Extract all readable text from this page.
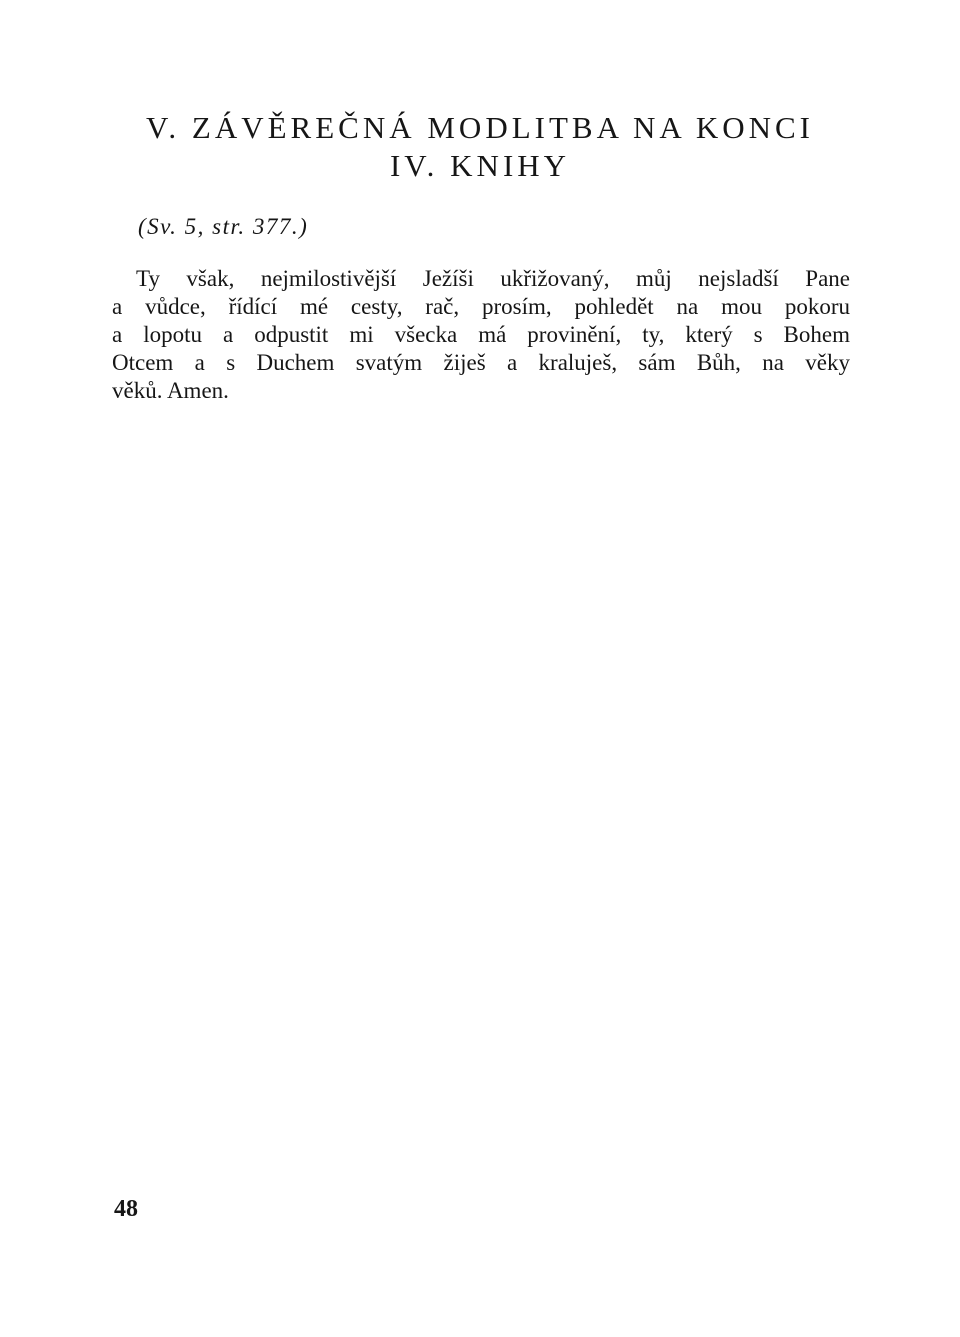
V. ZÁVĚREČNÁ MODLITBA NA KONCI
IV. KNIHY
(Sv. 5, str. 377.)

Ty však, nejmilostivější Ježíši ukřižovaný, můj nejsladší Pane
a vůdce, řídící mé cesty, rač, prosím, pohledět na mou pokoru
a lopotu a odpustit mi všecka má provinění, ty, který s Bohem
Otcem a s Duchem svatým žiješ a kraluješ, sám Bůh, na věky
věků. Amen.

48
